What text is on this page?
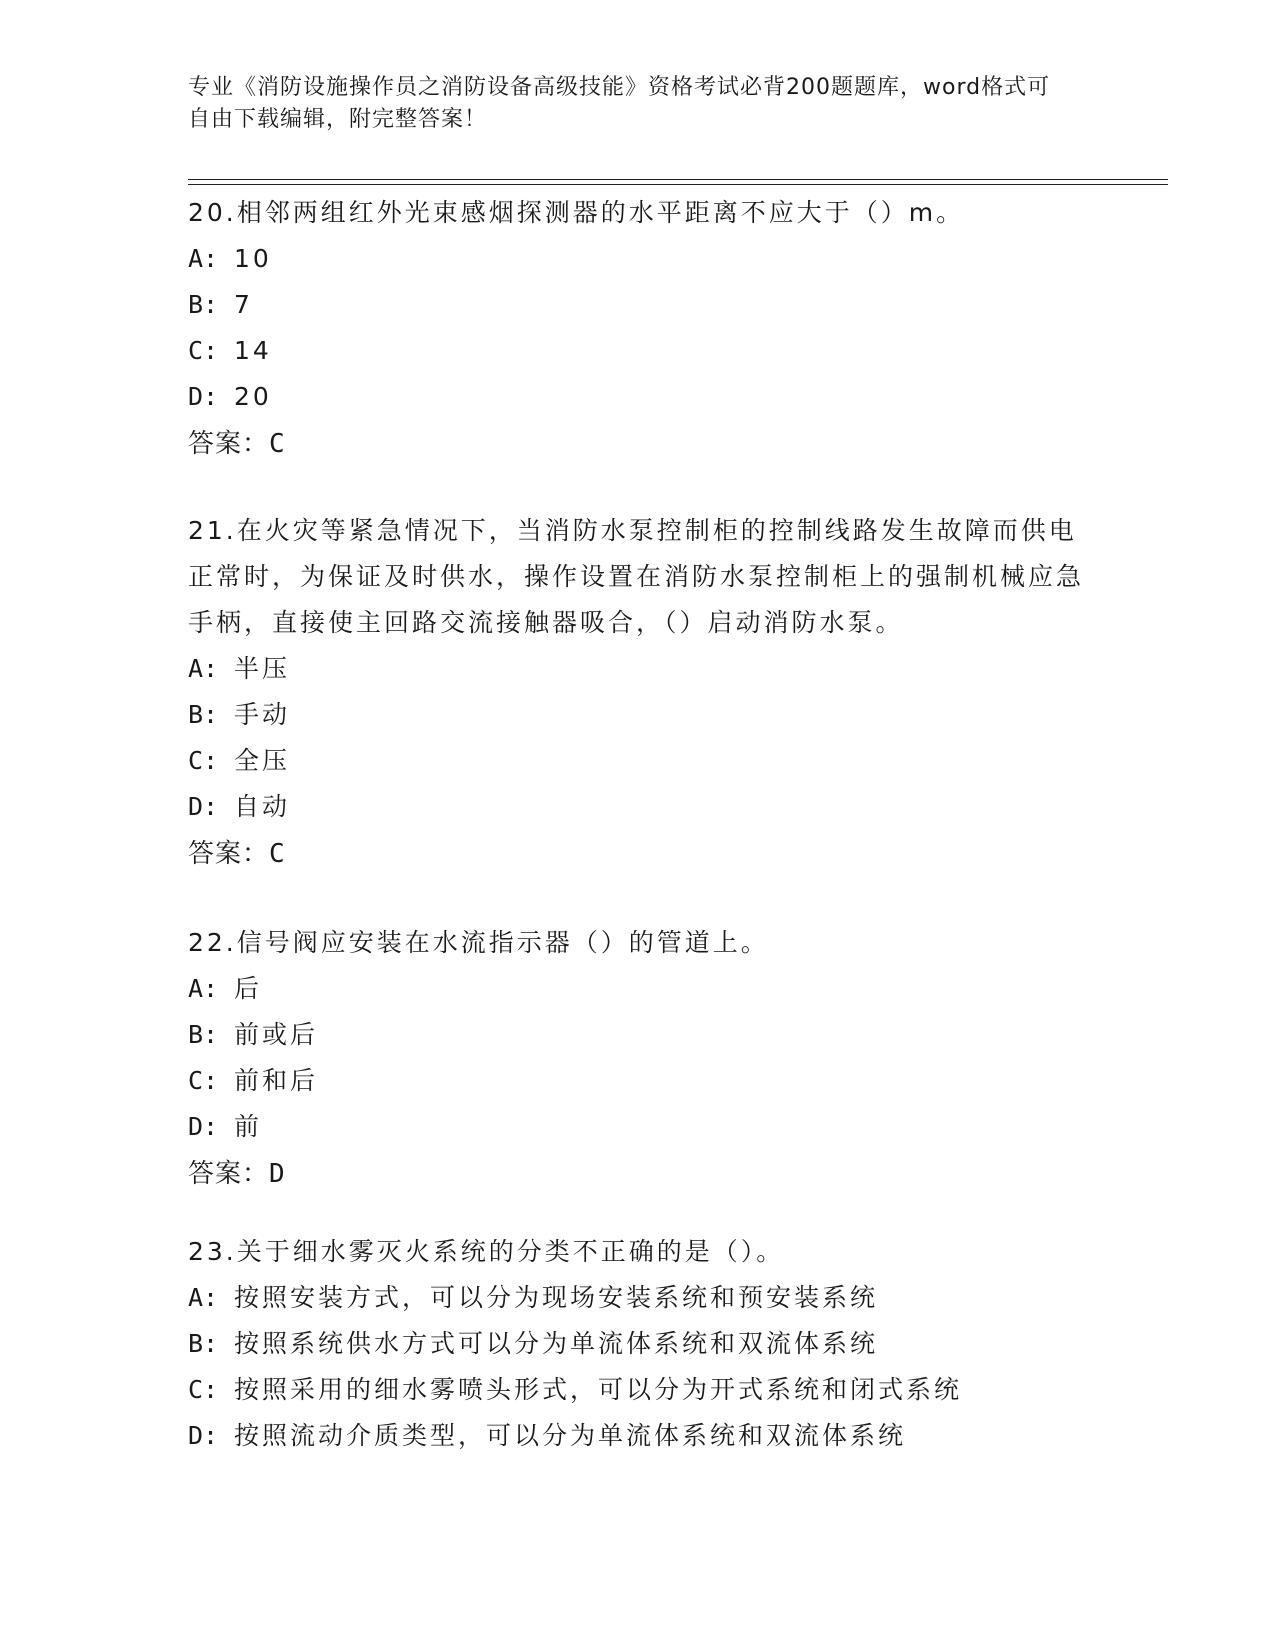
专业《消防设施操作员之消防设备高级技能》资格考试必背200题题库，word格式可自由下载编辑，附完整答案！
20.相邻两组红外光束感烟探测器的水平距离不应大于（）m。
A: 10
B: 7
C: 14
D: 20
答案：C
21.在火灾等紧急情况下，当消防水泵控制柜的控制线路发生故障而供电正常时，为保证及时供水，操作设置在消防水泵控制柜上的强制机械应急手柄，直接使主回路交流接触器吸合，（）启动消防水泵。
A: 半压
B: 手动
C: 全压
D: 自动
答案：C
22.信号阀应安装在水流指示器（）的管道上。
A: 后
B: 前或后
C: 前和后
D: 前
答案：D
23.关于细水雾灭火系统的分类不正确的是（）。
A: 按照安装方式，可以分为现场安装系统和预安装系统
B: 按照系统供水方式可以分为单流体系统和双流体系统
C: 按照采用的细水雾喷头形式，可以分为开式系统和闭式系统
D: 按照流动介质类型，可以分为单流体系统和双流体系统
